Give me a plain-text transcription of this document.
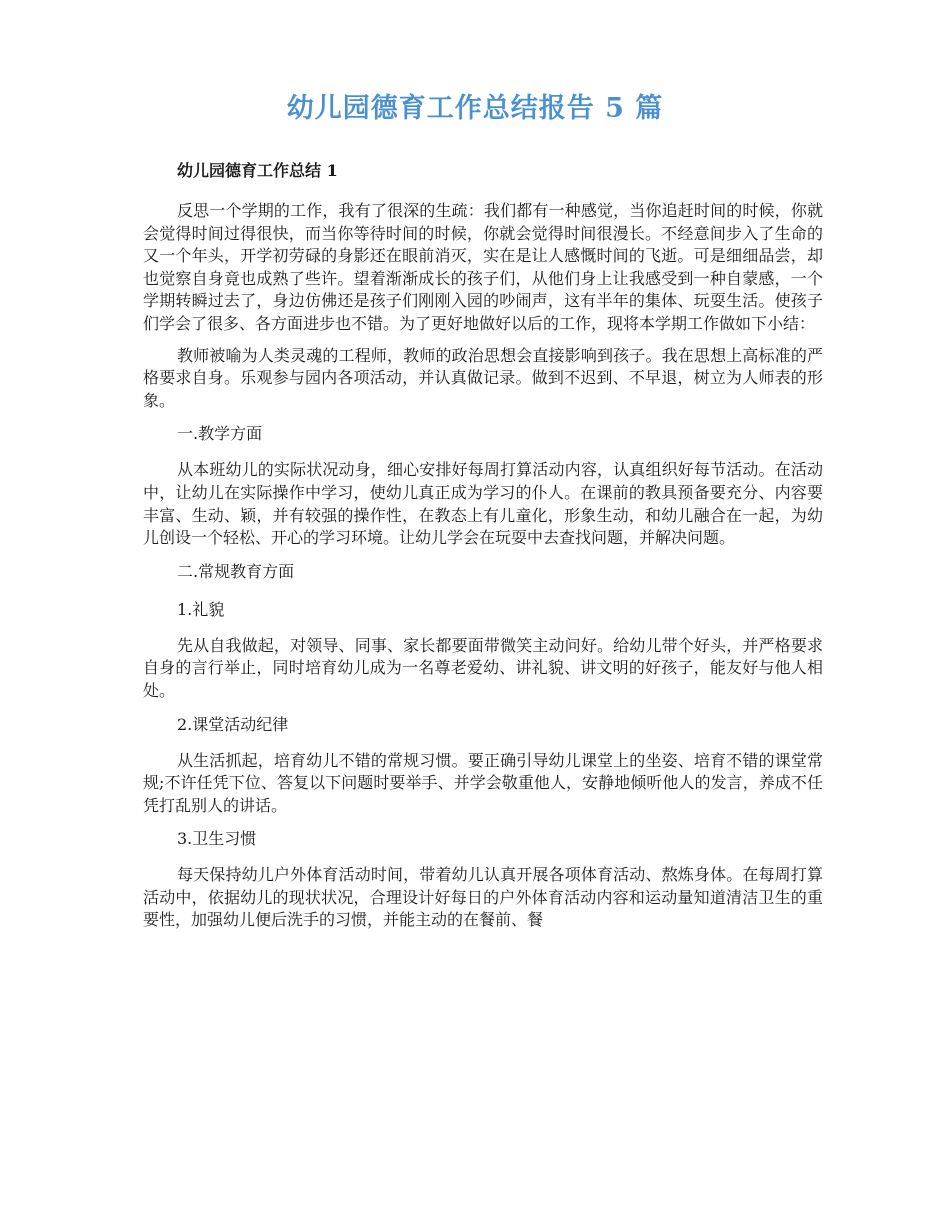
幼儿园德育工作总结报告 5 篇
幼儿园德育工作总结 1

反思一个学期的工作，我有了很深的生疏：我们都有一种感觉，当你追赶时间的时候，你就会觉得时间过得很快，而当你等待时间的时候，你就会觉得时间很漫长。不经意间步入了生命的又一个年头，开学初劳碌的身影还在眼前消灭，实在是让人感慨时间的飞逝。可是细细品尝，却也觉察自身竟也成熟了些许。望着渐渐成长的孩子们，从他们身上让我感受到一种自蒙感，一个学期转瞬过去了，身边仿佛还是孩子们刚刚入园的吵闹声，这有半年的集体、玩耍生活。使孩子们学会了很多、各方面进步也不错。为了更好地做好以后的工作，现将本学期工作做如下小结：

教师被喻为人类灵魂的工程师，教师的政治思想会直接影响到孩子。我在思想上高标准的严格要求自身。乐观参与园内各项活动，并认真做记录。做到不迟到、不早退，树立为人师表的形象。

一.教学方面

从本班幼儿的实际状况动身，细心安排好每周打算活动内容，认真组织好每节活动。在活动中，让幼儿在实际操作中学习，使幼儿真正成为学习的仆人。在课前的教具预备要充分、内容要丰富、生动、颖，并有较强的操作性，在教态上有儿童化，形象生动，和幼儿融合在一起，为幼儿创设一个轻松、开心的学习环境。让幼儿学会在玩耍中去查找问题，并解决问题。

二.常规教育方面
1.礼貌

先从自我做起，对领导、同事、家长都要面带微笑主动问好。给幼儿带个好头，并严格要求自身的言行举止，同时培育幼儿成为一名尊老爱幼、讲礼貌、讲文明的好孩子，能友好与他人相处。

2.课堂活动纪律

从生活抓起，培育幼儿不错的常规习惯。要正确引导幼儿课堂上的坐姿、培育不错的课堂常规;不许任凭下位、答复以下问题时要举手、并学会敬重他人，安静地倾听他人的发言，养成不任凭打乱别人的讲话。

3.卫生习惯

每天保持幼儿户外体育活动时间，带着幼儿认真开展各项体育活动、熬炼身体。在每周打算活动中，依据幼儿的现状状况，合理设计好每日的户外体育活动内容和运动量知道清洁卫生的重要性，加强幼儿便后洗手的习惯，并能主动的在餐前、餐
